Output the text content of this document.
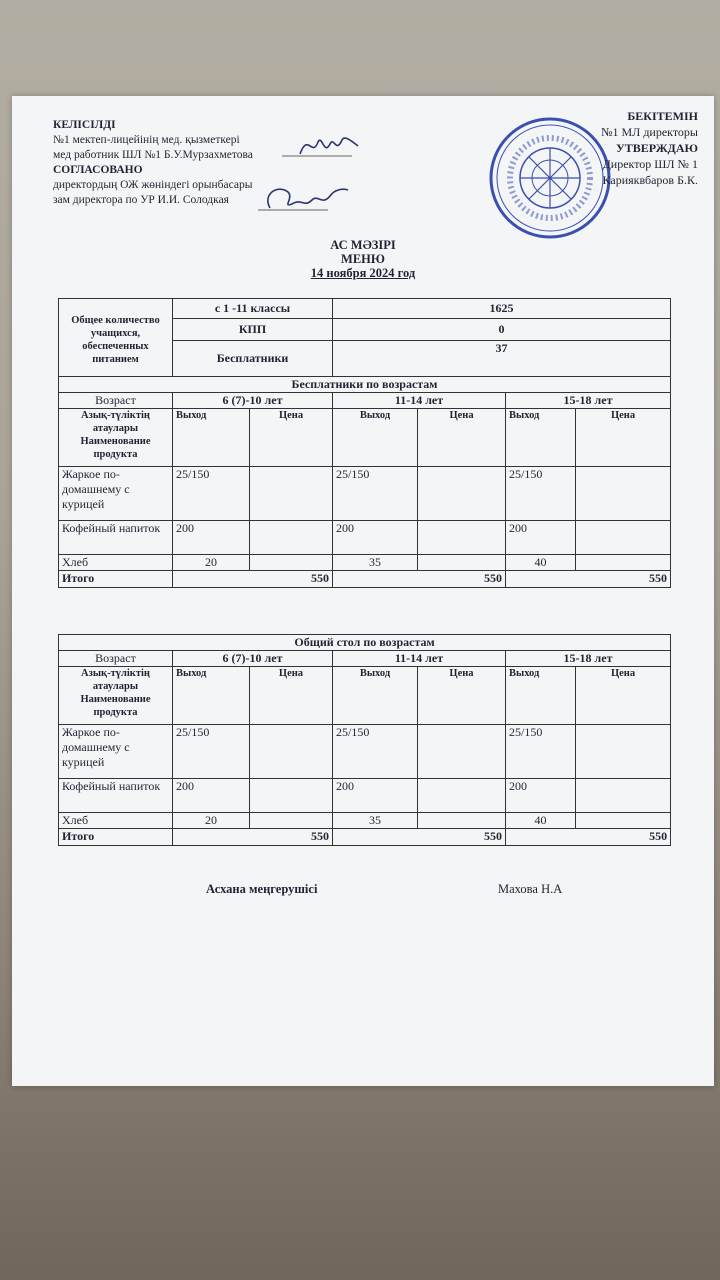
КЕЛІСІЛДІ
№1 мектеп-лицейінің мед. қызметкері
мед работник ШЛ №1 Б.У.Мурзахметова
СОГЛАСОВАНО
директордың ОЖ жөніндегі орынбасары
зам директора по УР И.И. Солодкая
БЕКІТЕМІН
№1 МЛ директоры
УТВЕРЖДАЮ
Директор ШЛ № 1
Карияквбаров Б.К.
АС МӘЗІРІ
МЕНЮ
14 ноября 2024 год
Общее количество учащихся, обеспеченных питанием	с 1 -11 классы		1625			
	КПП		0			
	Бесплатники		37			
Бесплатники по возрастам						
Возраст	6 (7)-10 лет		11-14 лет		15-18 лет	
Азық-түліктің атаулары Наименование продукта	Выход	Цена	Выход	Цена	Выход	Цена
Жаркое по-домашнему с курицей	25/150		25/150		25/150	
Кофейный напиток	200		200		200	
Хлеб	20		35		40	
Итого	550		550		550	
Общий стол по возрастам						
Возраст	6 (7)-10 лет		11-14 лет		15-18 лет	
Азық-түліктің атаулары Наименование продукта	Выход	Цена	Выход	Цена	Выход	Цена
Жаркое по-домашнему с курицей	25/150		25/150		25/150	
Кофейный напиток	200		200		200	
Хлеб	20		35		40	
Итого	550		550		550	
Асхана меңгерушісі	Махова Н.А
